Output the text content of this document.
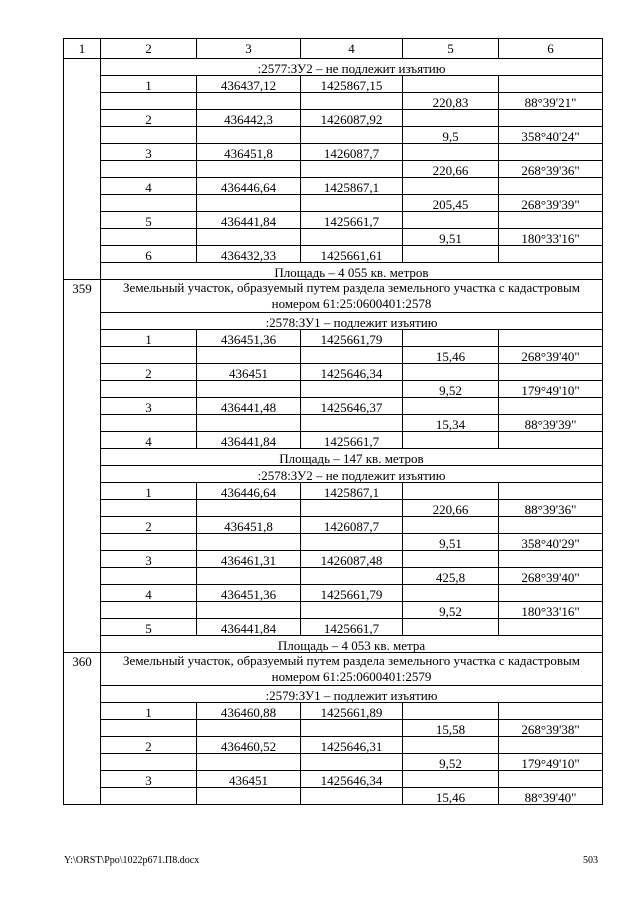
1	2	3	4	5	6
	:2577:ЗУ2 – не подлежит изъятию				
	1	436437,12	1425867,15		
				220,83	88°39'21"
	2	436442,3	1426087,92		
				9,5	358°40'24"
	3	436451,8	1426087,7		
				220,66	268°39'36"
	4	436446,64	1425867,1		
				205,45	268°39'39"
	5	436441,84	1425661,7		
				9,51	180°33'16"
	6	436432,33	1425661,61		
	Площадь – 4 055 кв. метров				
359	Земельный участок, образуемый путем раздела земельного участка с кадастровым номером 61:25:0600401:2578				
	:2578:ЗУ1 – подлежит изъятию				
	1	436451,36	1425661,79		
				15,46	268°39'40"
	2	436451	1425646,34		
				9,52	179°49'10"
	3	436441,48	1425646,37		
				15,34	88°39'39"
	4	436441,84	1425661,7		
	Площадь – 147 кв. метров				
	:2578:ЗУ2 – не подлежит изъятию				
	1	436446,64	1425867,1		
				220,66	88°39'36"
	2	436451,8	1426087,7		
				9,51	358°40'29"
	3	436461,31	1426087,48		
				425,8	268°39'40"
	4	436451,36	1425661,79		
				9,52	180°33'16"
	5	436441,84	1425661,7		
	Площадь – 4 053 кв. метра				
360	Земельный участок, образуемый путем раздела земельного участка с кадастровым номером 61:25:0600401:2579				
	:2579:ЗУ1 – подлежит изъятию				
	1	436460,88	1425661,89		
				15,58	268°39'38"
	2	436460,52	1425646,31		
				9,52	179°49'10"
	3	436451	1425646,34		
				15,46	88°39'40"
Y:\ORST\Ppo\1022p671.П8.docx	503
